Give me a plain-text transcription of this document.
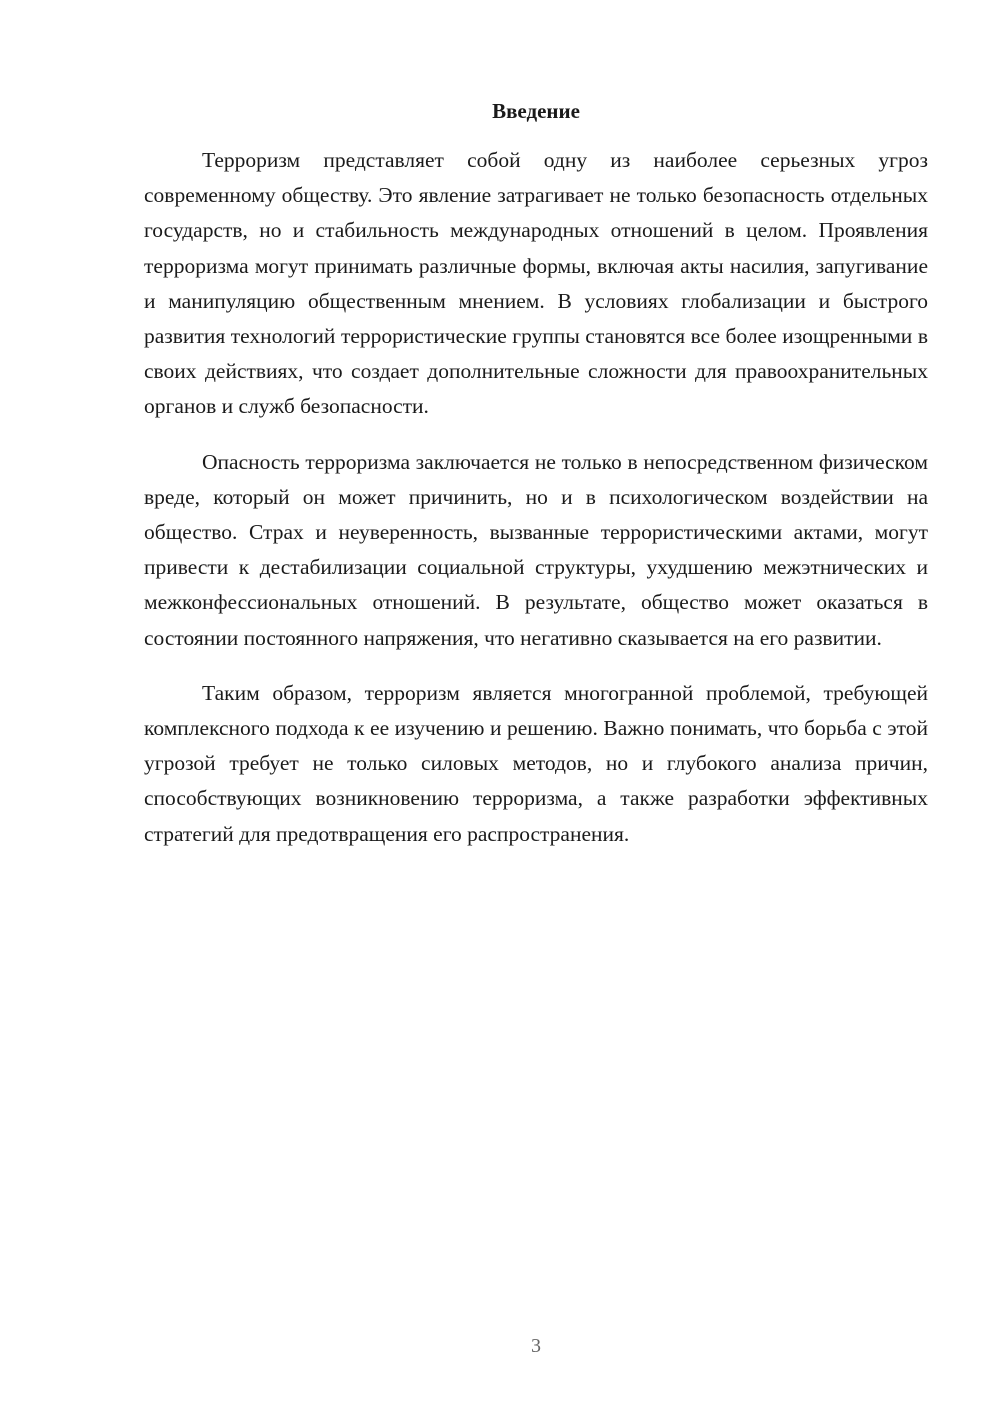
Введение

Терроризм представляет собой одну из наиболее серьезных угроз современному обществу. Это явление затрагивает не только безопасность отдельных государств, но и стабильность международных отношений в целом. Проявления терроризма могут принимать различные формы, включая акты насилия, запугивание и манипуляцию общественным мнением. В условиях глобализации и быстрого развития технологий террористические группы становятся все более изощренными в своих действиях, что создает дополнительные сложности для правоохранительных органов и служб безопасности.

Опасность терроризма заключается не только в непосредственном физическом вреде, который он может причинить, но и в психологическом воздействии на общество. Страх и неуверенность, вызванные террористическими актами, могут привести к дестабилизации социальной структуры, ухудшению межэтнических и межконфессиональных отношений. В результате, общество может оказаться в состоянии постоянного напряжения, что негативно сказывается на его развитии.

Таким образом, терроризм является многогранной проблемой, требующей комплексного подхода к ее изучению и решению. Важно понимать, что борьба с этой угрозой требует не только силовых методов, но и глубокого анализа причин, способствующих возникновению терроризма, а также разработки эффективных стратегий для предотвращения его распространения.

3
